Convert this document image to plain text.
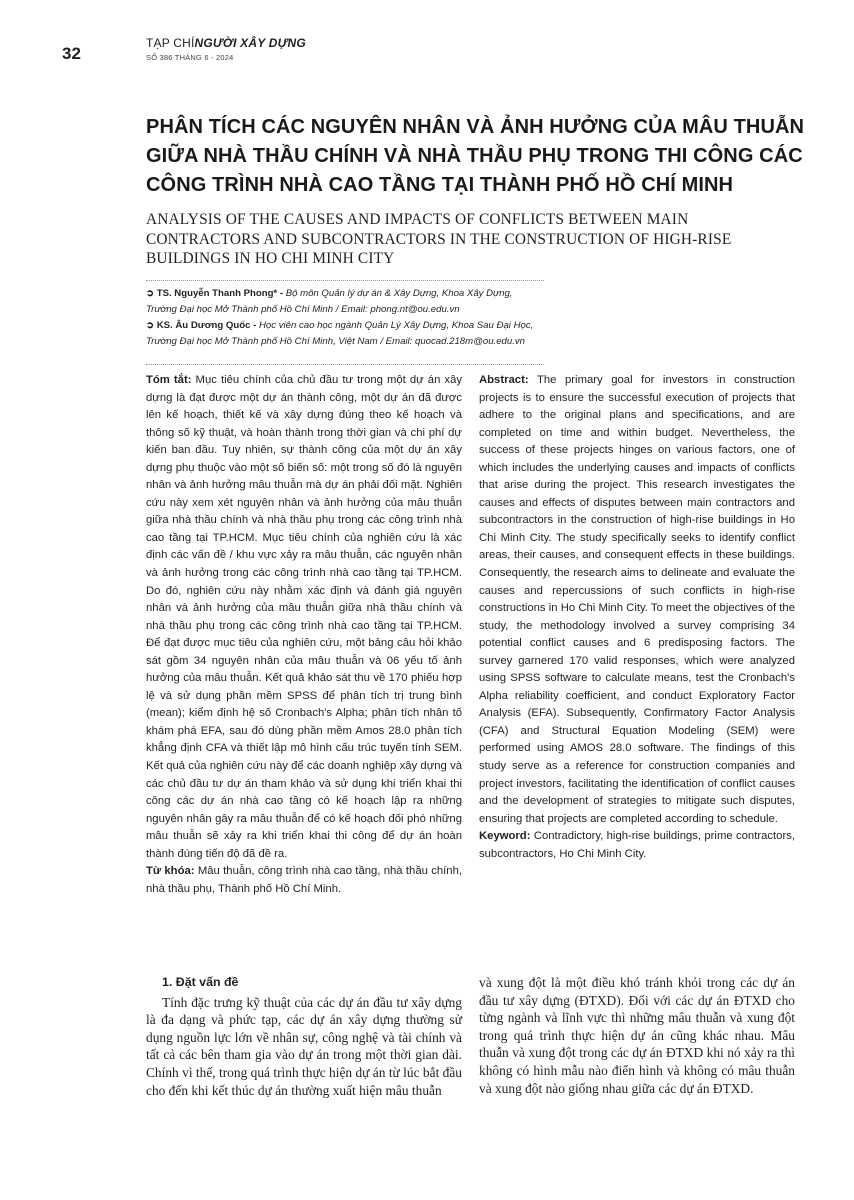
32
TẠP CHÍNGƯỜI XÂY DỰNG
SỐ 386 THÁNG 6 - 2024
PHÂN TÍCH CÁC NGUYÊN NHÂN VÀ ẢNH HƯỞNG CỦA MÂU THUẪN GIỮA NHÀ THẦU CHÍNH VÀ NHÀ THẦU PHỤ TRONG THI CÔNG CÁC CÔNG TRÌNH NHÀ CAO TẦNG TẠI THÀNH PHỐ HỒ CHÍ MINH
ANALYSIS OF THE CAUSES AND IMPACTS OF CONFLICTS BETWEEN MAIN CONTRACTORS AND SUBCONTRACTORS IN THE CONSTRUCTION OF HIGH-RISE BUILDINGS IN HO CHI MINH CITY
➲ TS. Nguyễn Thanh Phong* - Bộ môn Quản lý dự án & Xây Dựng, Khoa Xây Dựng, Trường Đại học Mở Thành phố Hồ Chí Minh / Email: phong.nt@ou.edu.vn
➲ KS. Âu Dương Quốc - Học viên cao học ngành Quản Lý Xây Dựng, Khoa Sau Đại Học, Trường Đại học Mở Thành phố Hồ Chí Minh, Việt Nam / Email: quocad.218m@ou.edu.vn

Tóm tắt: Mục tiêu chính của chủ đầu tư trong một dự án xây dựng là đạt được một dự án thành công, một dự án đã được lên kế hoạch, thiết kế và xây dựng đúng theo kế hoạch và thông số kỹ thuật, và hoàn thành trong thời gian và chi phí dự kiến ban đầu. Tuy nhiên, sự thành công của một dự án xây dựng phụ thuộc vào một số biến số: một trong số đó là nguyên nhân và ảnh hưởng mâu thuẫn mà dự án phải đối mặt. Nghiên cứu này xem xét nguyên nhân và ảnh hưởng của mâu thuẫn giữa nhà thầu chính và nhà thầu phụ trong các công trình nhà cao tầng tại TP.HCM. Mục tiêu chính của nghiên cứu là xác định các vấn đề / khu vực xảy ra mâu thuẫn, các nguyên nhân và ảnh hưởng trong các công trình nhà cao tầng tại TP.HCM. Do đó, nghiên cứu này nhằm xác định và đánh giá nguyên nhân và ảnh hưởng của mâu thuẫn giữa nhà thầu chính và nhà thầu phụ trong các công trình nhà cao tầng tại TP.HCM. Để đạt được mục tiêu của nghiên cứu, một bảng câu hỏi khảo sát gồm 34 nguyên nhân của mâu thuẫn và 06 yếu tố ảnh hưởng của mâu thuẫn. Kết quả khảo sát thu về 170 phiếu hợp lệ và sử dụng phần mềm SPSS để phân tích trị trung bình (mean); kiểm định hệ số Cronbach's Alpha; phân tích nhân tố khám phá EFA, sau đó dùng phần mềm Amos 28.0 phân tích khẳng định CFA và thiết lập mô hình cấu trúc tuyến tính SEM. Kết quả của nghiên cứu này để các doanh nghiệp xây dựng và các chủ đầu tư dự án tham khảo và sử dụng khi triển khai thi công các dự án nhà cao tầng có kế hoạch lập ra những nguyên nhân gây ra mâu thuẫn để có kế hoạch đối phó những mâu thuẫn sẽ xảy ra khi triển khai thi công để dự án hoàn thành đúng tiến độ đã đề ra.

Từ khóa: Mâu thuẫn, công trình nhà cao tầng, nhà thầu chính, nhà thầu phụ, Thành phố Hồ Chí Minh.

Abstract: The primary goal for investors in construction projects is to ensure the successful execution of projects that adhere to the original plans and specifications, and are completed on time and within budget. Nevertheless, the success of these projects hinges on various factors, one of which includes the underlying causes and impacts of conflicts that arise during the project. This research investigates the causes and effects of disputes between main contractors and subcontractors in the construction of high-rise buildings in Ho Chi Minh City. The study specifically seeks to identify conflict areas, their causes, and consequent effects in these buildings. Consequently, the research aims to delineate and evaluate the causes and repercussions of such conflicts in high-rise constructions in Ho Chi Minh City. To meet the objectives of the study, the methodology involved a survey comprising 34 potential conflict causes and 6 predisposing factors. The survey garnered 170 valid responses, which were analyzed using SPSS software to calculate means, test the Cronbach's Alpha reliability coefficient, and conduct Exploratory Factor Analysis (EFA). Subsequently, Confirmatory Factor Analysis (CFA) and Structural Equation Modeling (SEM) were performed using AMOS 28.0 software. The findings of this study serve as a reference for construction companies and project investors, facilitating the identification of conflict causes and the development of strategies to mitigate such disputes, ensuring that projects are completed according to schedule.

Keyword: Contradictory, high-rise buildings, prime contractors, subcontractors, Ho Chi Minh City.

1. Đặt vấn đề

Tính đặc trưng kỹ thuật của các dự án đầu tư xây dựng là đa dạng và phức tạp, các dự án xây dựng thường sử dụng nguồn lực lớn về nhân sự, công nghệ và tài chính và tất cả các bên tham gia vào dự án trong một thời gian dài. Chính vì thế, trong quá trình thực hiện dự án từ lúc bắt đầu cho đến khi kết thúc dự án thường xuất hiện mâu thuẫn

và xung đột là một điều khó tránh khỏi trong các dự án đầu tư xây dựng (ĐTXD). Đối với các dự án ĐTXD cho từng ngành và lĩnh vực thì những mâu thuẫn và xung đột trong quá trình thực hiện dự án cũng khác nhau. Mâu thuẫn và xung đột trong các dự án ĐTXD khi nó xảy ra thì không có hình mẫu nào điển hình và không có mâu thuẫn và xung đột nào giống nhau giữa các dự án ĐTXD.
